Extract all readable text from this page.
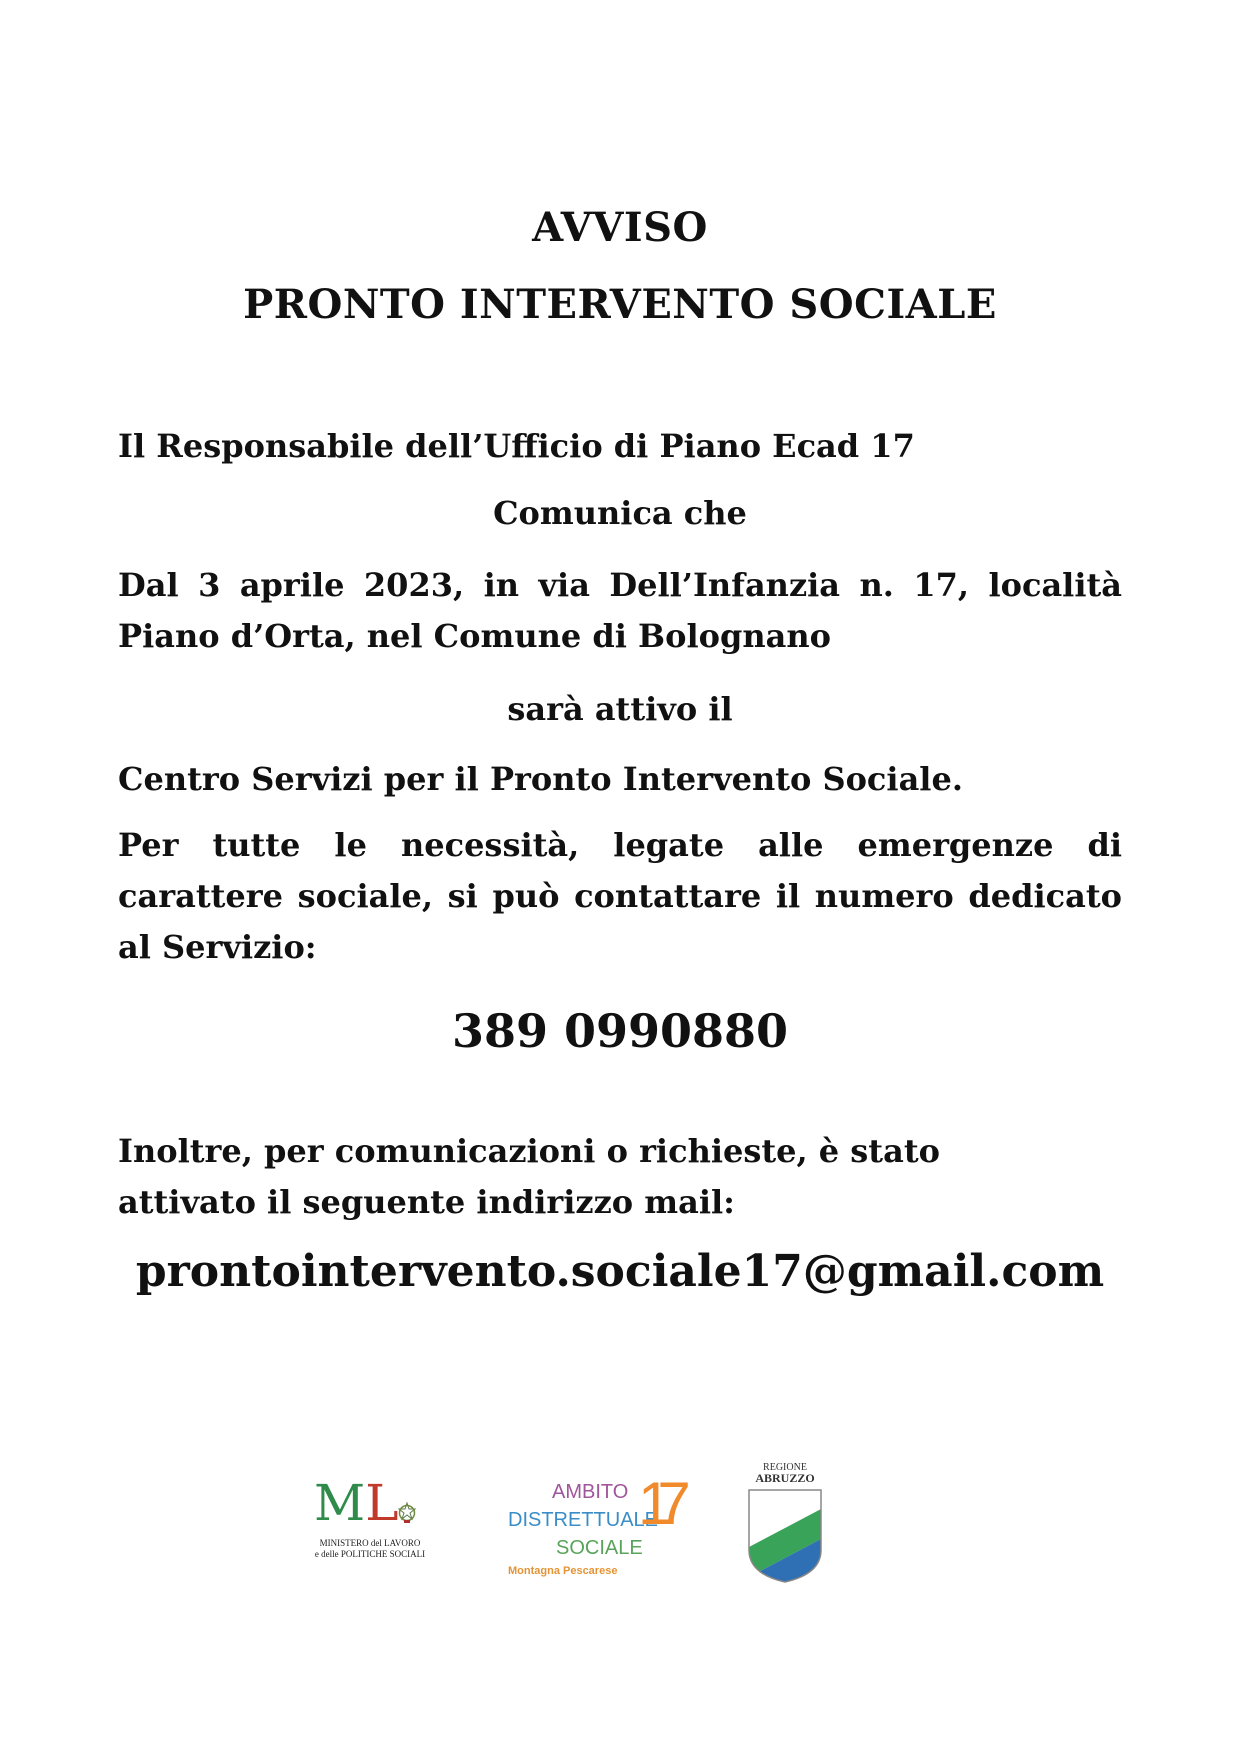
AVVISO
PRONTO INTERVENTO SOCIALE
Il Responsabile dell’Ufficio di Piano Ecad 17
Comunica che
Dal 3 aprile 2023, in via Dell’Infanzia n. 17, località Piano d’Orta, nel Comune di Bolognano
sarà attivo il
Centro Servizi per il Pronto Intervento Sociale.
Per tutte le necessità, legate alle emergenze di carattere sociale, si può contattare il numero dedicato al Servizio:
389 0990880
Inoltre, per comunicazioni o richieste, è stato attivato il seguente indirizzo mail:
prontointervento.sociale17@gmail.com
ML
MINISTERO del LAVORO
e delle POLITICHE SOCIALI
AMBITO
DISTRETTUALE
SOCIALE
Montagna Pescarese
17
REGIONE
ABRUZZO
